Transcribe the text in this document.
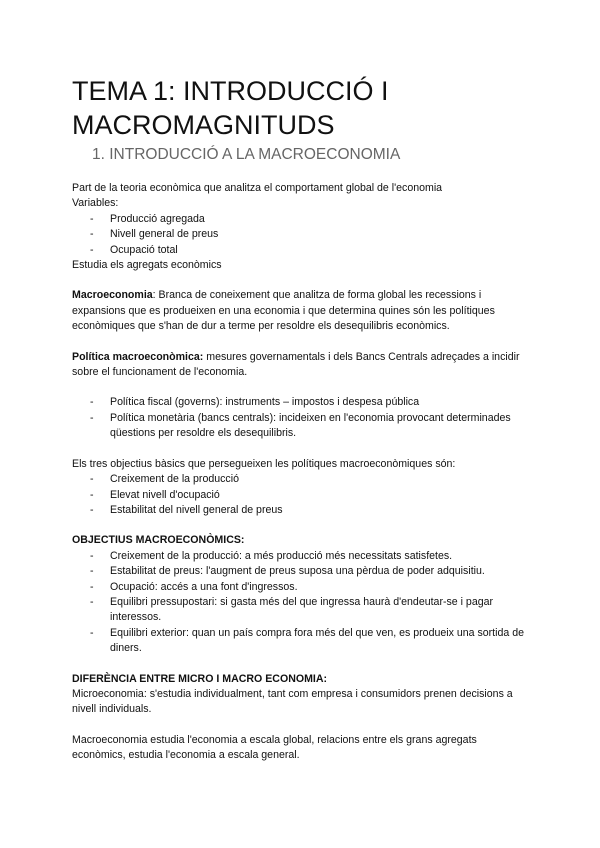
TEMA 1: INTRODUCCIÓ I MACROMAGNITUDS
1. INTRODUCCIÓ A LA MACROECONOMIA

Part de la teoria econòmica que analitza el comportament global de l'economia

Variables:

- Producció agregada
- Nivell general de preus
- Ocupació total

Estudia els agregats econòmics

Macroeconomia: Branca de coneixement que analitza de forma global les recessions i expansions que es produeixen en una economia i que determina quines són les polítiques econòmiques que s'han de dur a terme per resoldre els desequilibris econòmics.

Política macroeconòmica: mesures governamentals i dels Bancs Centrals adreçades a incidir sobre el funcionament de l'economia.

- Política fiscal (governs): instruments – impostos i despesa pública
- Política monetària (bancs centrals): incideixen en l'economia provocant determinades qüestions per resoldre els desequilibris.

Els tres objectius bàsics que persegueixen les polítiques macroeconòmiques són:

- Creixement de la producció
- Elevat nivell d'ocupació
- Estabilitat del nivell general de preus

OBJECTIUS MACROECONÒMICS:

- Creixement de la producció: a més producció més necessitats satisfetes.
- Estabilitat de preus: l'augment de preus suposa una pèrdua de poder adquisitiu.
- Ocupació: accés a una font d'ingressos.
- Equilibri pressupostari: si gasta més del que ingressa haurà d'endeutar-se i pagar interessos.
- Equilibri exterior: quan un país compra fora més del que ven, es produeix una sortida de diners.

DIFERÈNCIA ENTRE MICRO I MACRO ECONOMIA:

Microeconomia: s'estudia individualment, tant com empresa i consumidors prenen decisions a nivell individuals.

Macroeconomia estudia l'economia a escala global, relacions entre els grans agregats econòmics, estudia l'economia a escala general.
